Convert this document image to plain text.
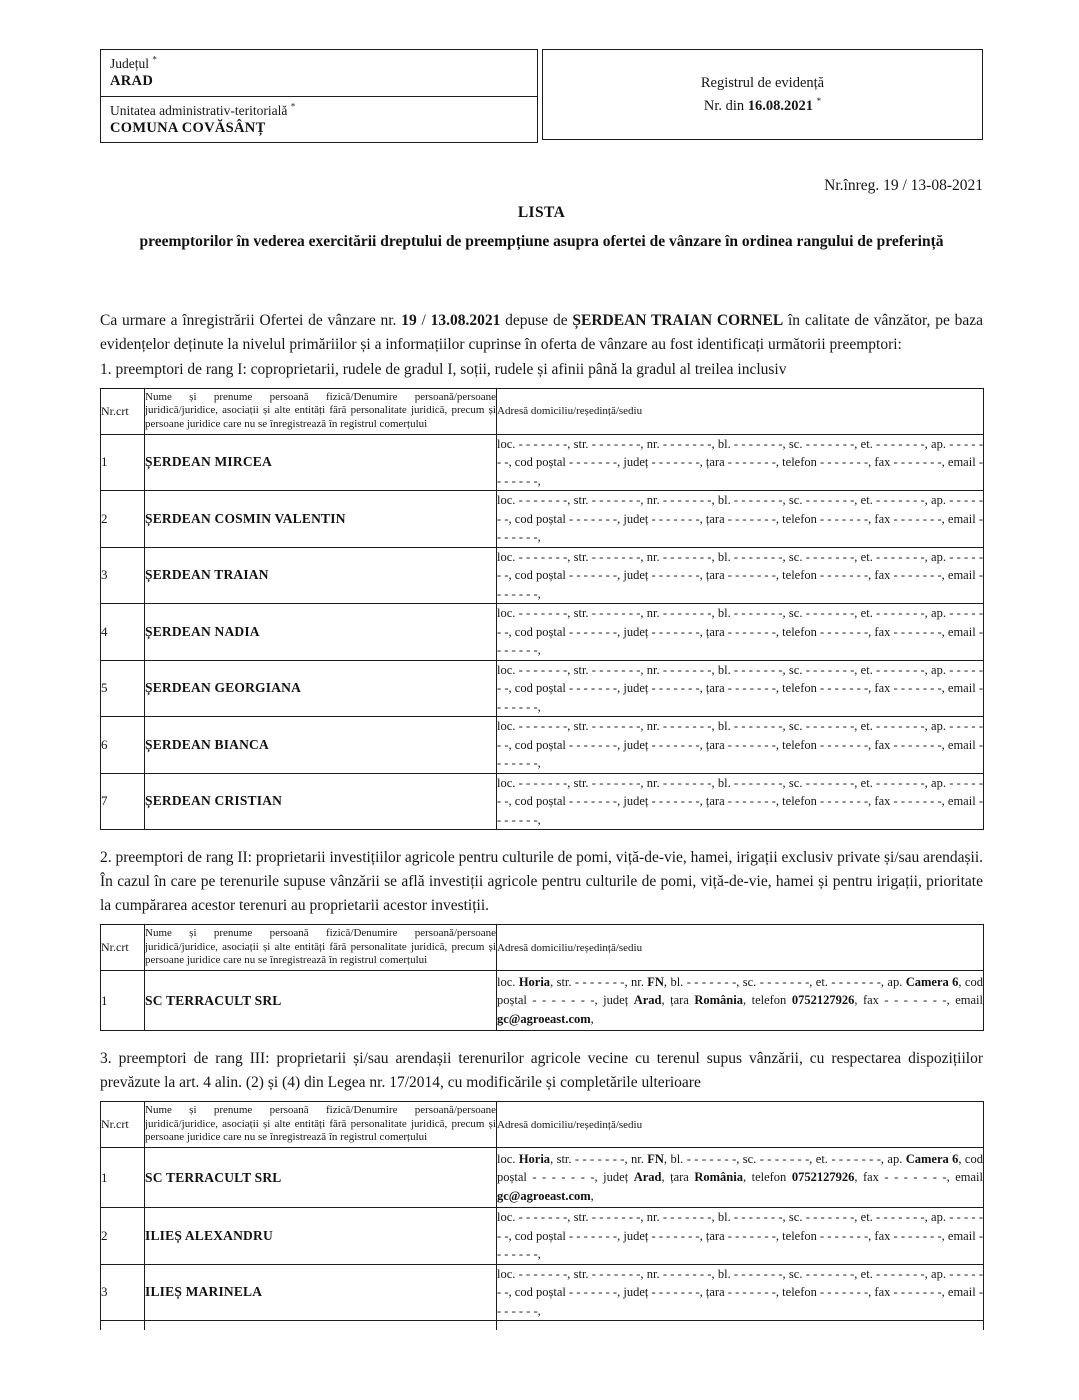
Județul *
ARAD
Unitatea administrativ-teritorială *
COMUNA COVĂSÂNȚ
Registrul de evidență
Nr. din 16.08.2021 *
Nr.înreg. 19 / 13-08-2021
LISTA
preemptorilor în vederea exercitării dreptului de preempțiune asupra ofertei de vânzare în ordinea rangului de preferință
Ca urmare a înregistrării Ofertei de vânzare nr. 19 / 13.08.2021 depuse de ȘERDEAN TRAIAN CORNEL în calitate de vânzător, pe baza evidențelor deținute la nivelul primăriilor și a informațiilor cuprinse în oferta de vânzare au fost identificați următorii preemptori:
1. preemptori de rang I: coproprietarii, rudele de gradul I, soții, rudele și afinii până la gradul al treilea inclusiv
Nr.crt	Nume și prenume persoană fizică/Denumire persoană/persoane juridică/juridice, asociații și alte entități fără personalitate juridică, precum și persoane juridice care nu se înregistrează în registrul comerțului	Adresă domiciliu/reședință/sediu
1	ȘERDEAN MIRCEA	loc. - - - - - - -, str. - - - - - - -, nr. - - - - - - -, bl. - - - - - - -, sc. - - - - - - -, et. - - - - - - -, ap. - - - - - - -, cod poștal - - - - - - -, județ - - - - - - -, țara - - - - - - -, telefon - - - - - - -, fax - - - - - - -, email - - - - - - -,
2	ȘERDEAN COSMIN VALENTIN	loc. - - - - - - -, str. - - - - - - -, nr. - - - - - - -, bl. - - - - - - -, sc. - - - - - - -, et. - - - - - - -, ap. - - - - - - -, cod poștal - - - - - - -, județ - - - - - - -, țara - - - - - - -, telefon - - - - - - -, fax - - - - - - -, email - - - - - - -,
3	ȘERDEAN TRAIAN	loc. - - - - - - -, str. - - - - - - -, nr. - - - - - - -, bl. - - - - - - -, sc. - - - - - - -, et. - - - - - - -, ap. - - - - - - -, cod poștal - - - - - - -, județ - - - - - - -, țara - - - - - - -, telefon - - - - - - -, fax - - - - - - -, email - - - - - - -,
4	ȘERDEAN NADIA	loc. - - - - - - -, str. - - - - - - -, nr. - - - - - - -, bl. - - - - - - -, sc. - - - - - - -, et. - - - - - - -, ap. - - - - - - -, cod poștal - - - - - - -, județ - - - - - - -, țara - - - - - - -, telefon - - - - - - -, fax - - - - - - -, email - - - - - - -,
5	ȘERDEAN GEORGIANA	loc. - - - - - - -, str. - - - - - - -, nr. - - - - - - -, bl. - - - - - - -, sc. - - - - - - -, et. - - - - - - -, ap. - - - - - - -, cod poștal - - - - - - -, județ - - - - - - -, țara - - - - - - -, telefon - - - - - - -, fax - - - - - - -, email - - - - - - -,
6	ȘERDEAN BIANCA	loc. - - - - - - -, str. - - - - - - -, nr. - - - - - - -, bl. - - - - - - -, sc. - - - - - - -, et. - - - - - - -, ap. - - - - - - -, cod poștal - - - - - - -, județ - - - - - - -, țara - - - - - - -, telefon - - - - - - -, fax - - - - - - -, email - - - - - - -,
7	ȘERDEAN CRISTIAN	loc. - - - - - - -, str. - - - - - - -, nr. - - - - - - -, bl. - - - - - - -, sc. - - - - - - -, et. - - - - - - -, ap. - - - - - - -, cod poștal - - - - - - -, județ - - - - - - -, țara - - - - - - -, telefon - - - - - - -, fax - - - - - - -, email - - - - - - -,
2. preemptori de rang II: proprietarii investițiilor agricole pentru culturile de pomi, viță-de-vie, hamei, irigații exclusiv private și/sau arendașii. În cazul în care pe terenurile supuse vânzării se află investiții agricole pentru culturile de pomi, viță-de-vie, hamei și pentru irigații, prioritate la cumpărarea acestor terenuri au proprietarii acestor investiții.
Nr.crt	Nume și prenume persoană fizică/Denumire persoană/persoane juridică/juridice, asociații și alte entități fără personalitate juridică, precum și persoane juridice care nu se înregistrează în registrul comerțului	Adresă domiciliu/reședință/sediu
1	SC TERRACULT SRL	loc. Horia, str. - - - - - - -, nr. FN, bl. - - - - - - -, sc. - - - - - - -, et. - - - - - - -, ap. Camera 6, cod poștal - - - - - - -, județ Arad, țara România, telefon 0752127926, fax - - - - - - -, email gc@agroeast.com,
3. preemptori de rang III: proprietarii și/sau arendașii terenurilor agricole vecine cu terenul supus vânzării, cu respectarea dispozițiilor prevăzute la art. 4 alin. (2) și (4) din Legea nr. 17/2014, cu modificările și completările ulterioare
Nr.crt	Nume și prenume persoană fizică/Denumire persoană/persoane juridică/juridice, asociații și alte entități fără personalitate juridică, precum și persoane juridice care nu se înregistrează în registrul comerțului	Adresă domiciliu/reședință/sediu
1	SC TERRACULT SRL	loc. Horia, str. - - - - - - -, nr. FN, bl. - - - - - - -, sc. - - - - - - -, et. - - - - - - -, ap. Camera 6, cod poștal - - - - - - -, județ Arad, țara România, telefon 0752127926, fax - - - - - - -, email gc@agroeast.com,
2	ILIEȘ ALEXANDRU	loc. - - - - - - -, str. - - - - - - -, nr. - - - - - - -, bl. - - - - - - -, sc. - - - - - - -, et. - - - - - - -, ap. - - - - - - -, cod poștal - - - - - - -, județ - - - - - - -, țara - - - - - - -, telefon - - - - - - -, fax - - - - - - -, email - - - - - - -,
3	ILIEȘ MARINELA	loc. - - - - - - -, str. - - - - - - -, nr. - - - - - - -, bl. - - - - - - -, sc. - - - - - - -, et. - - - - - - -, ap. - - - - - - -, cod poștal - - - - - - -, județ - - - - - - -, țara - - - - - - -, telefon - - - - - - -, fax - - - - - - -, email - - - - - - -,
